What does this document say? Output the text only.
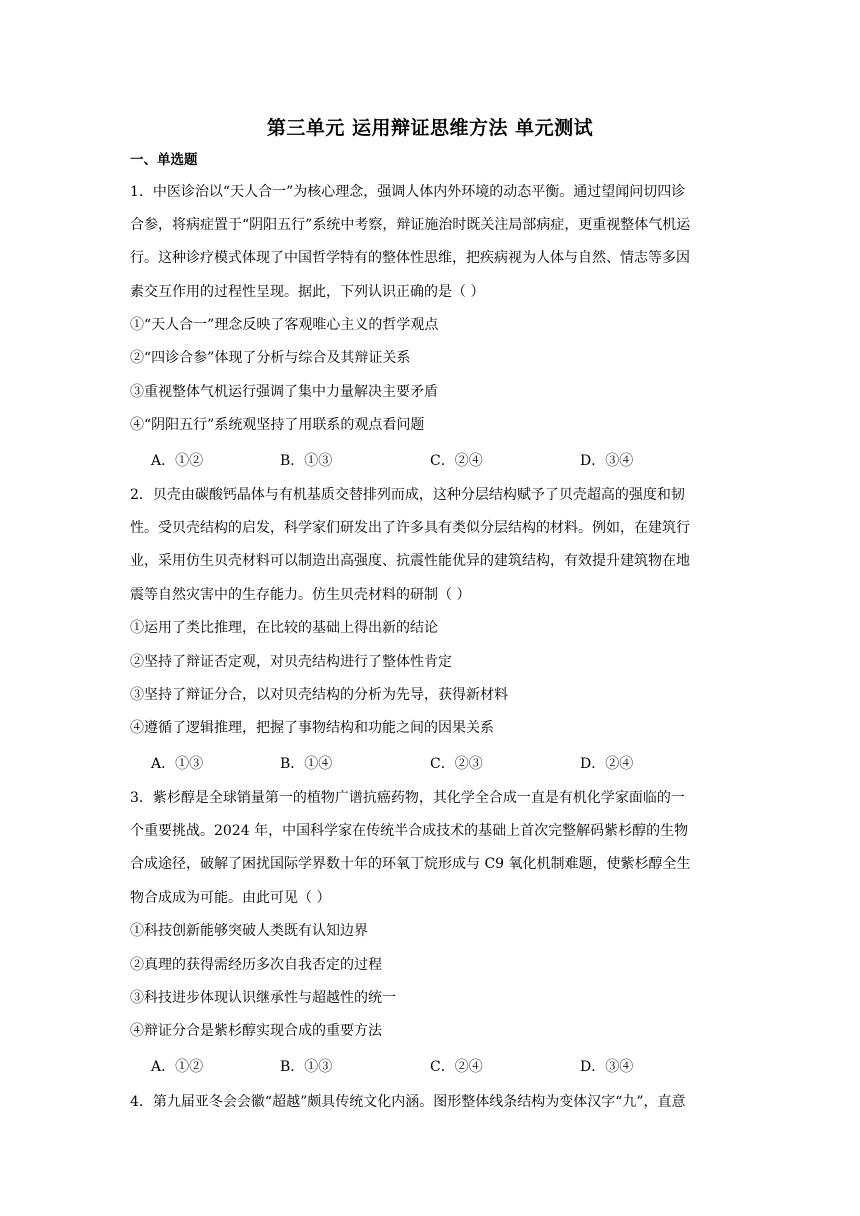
第三单元 运用辩证思维方法 单元测试
一、单选题
1．中医诊治以“天人合一”为核心理念，强调人体内外环境的动态平衡。通过望闻问切四诊
合参，将病症置于“阴阳五行”系统中考察，辩证施治时既关注局部病症，更重视整体气机运
行。这种诊疗模式体现了中国哲学特有的整体性思维，把疾病视为人体与自然、情志等多因
素交互作用的过程性呈现。据此，下列认识正确的是（ ）
①“天人合一”理念反映了客观唯心主义的哲学观点
②“四诊合参”体现了分析与综合及其辩证关系
③重视整体气机运行强调了集中力量解决主要矛盾
④“阴阳五行”系统观坚持了用联系的观点看问题
A．①②	B．①③	C．②④	D．③④
2．贝壳由碳酸钙晶体与有机基质交替排列而成，这种分层结构赋予了贝壳超高的强度和韧
性。受贝壳结构的启发，科学家们研发出了许多具有类似分层结构的材料。例如，在建筑行
业，采用仿生贝壳材料可以制造出高强度、抗震性能优异的建筑结构，有效提升建筑物在地
震等自然灾害中的生存能力。仿生贝壳材料的研制（ ）
①运用了类比推理，在比较的基础上得出新的结论
②坚持了辩证否定观，对贝壳结构进行了整体性肯定
③坚持了辩证分合，以对贝壳结构的分析为先导，获得新材料
④遵循了逻辑推理，把握了事物结构和功能之间的因果关系
A．①③	B．①④	C．②③	D．②④
3．紫杉醇是全球销量第一的植物广谱抗癌药物，其化学全合成一直是有机化学家面临的一
个重要挑战。2024 年，中国科学家在传统半合成技术的基础上首次完整解码紫杉醇的生物
合成途径，破解了困扰国际学界数十年的环氧丁烷形成与 C9 氧化机制难题，使紫杉醇全生
物合成成为可能。由此可见（ ）
①科技创新能够突破人类既有认知边界
②真理的获得需经历多次自我否定的过程
③科技进步体现认识继承性与超越性的统一
④辩证分合是紫杉醇实现合成的重要方法
A．①②	B．①③	C．②④	D．③④
4．第九届亚冬会会徽“超越”颇具传统文化内涵。图形整体线条结构为变体汉字“九”，直意
